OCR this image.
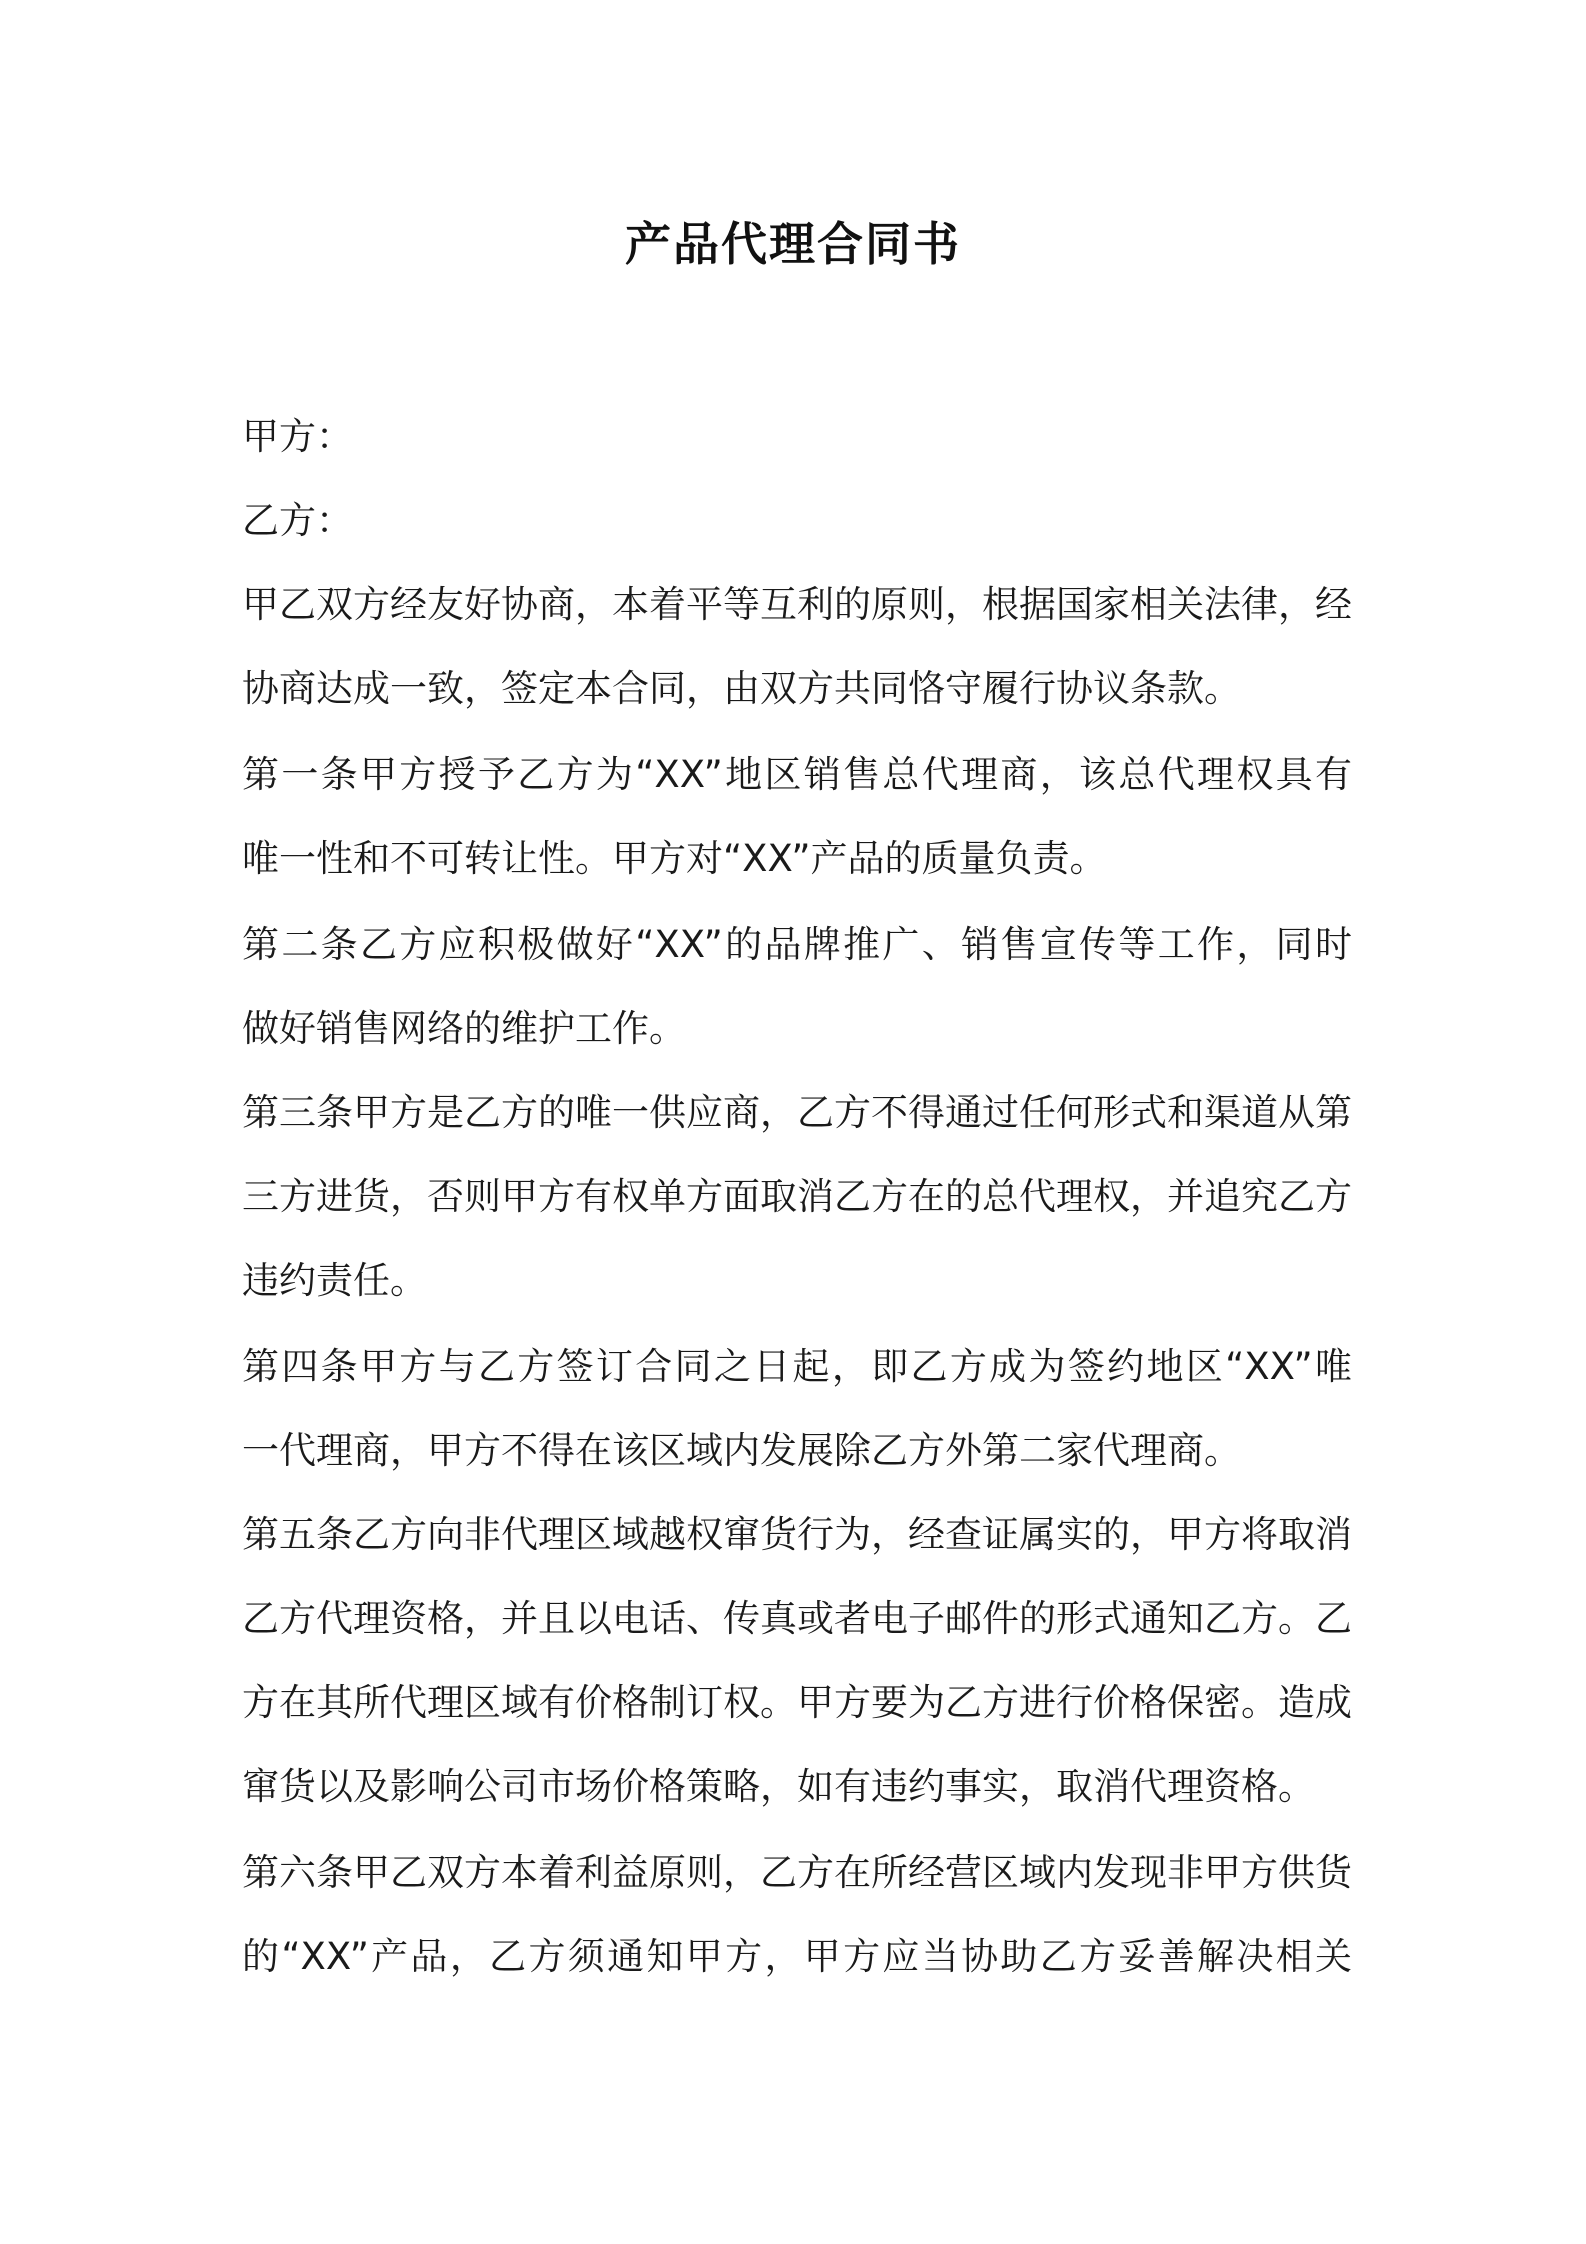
产品代理合同书

甲方：

乙方：

甲乙双方经友好协商，本着平等互利的原则，根据国家相关法律，经

协商达成一致，签定本合同，由双方共同恪守履行协议条款。

第一条甲方授予乙方为“XX”地区销售总代理商，该总代理权具有

唯一性和不可转让性。甲方对“XX”产品的质量负责。

第二条乙方应积极做好“XX”的品牌推广、销售宣传等工作，同时

做好销售网络的维护工作。

第三条甲方是乙方的唯一供应商，乙方不得通过任何形式和渠道从第

三方进货，否则甲方有权单方面取消乙方在的总代理权，并追究乙方

违约责任。

第四条甲方与乙方签订合同之日起，即乙方成为签约地区“XX”唯

一代理商，甲方不得在该区域内发展除乙方外第二家代理商。

第五条乙方向非代理区域越权窜货行为，经查证属实的，甲方将取消

乙方代理资格，并且以电话、传真或者电子邮件的形式通知乙方。乙

方在其所代理区域有价格制订权。甲方要为乙方进行价格保密。造成

窜货以及影响公司市场价格策略，如有违约事实，取消代理资格。

第六条甲乙双方本着利益原则，乙方在所经营区域内发现非甲方供货

的“XX”产品，乙方须通知甲方，甲方应当协助乙方妥善解决相关
